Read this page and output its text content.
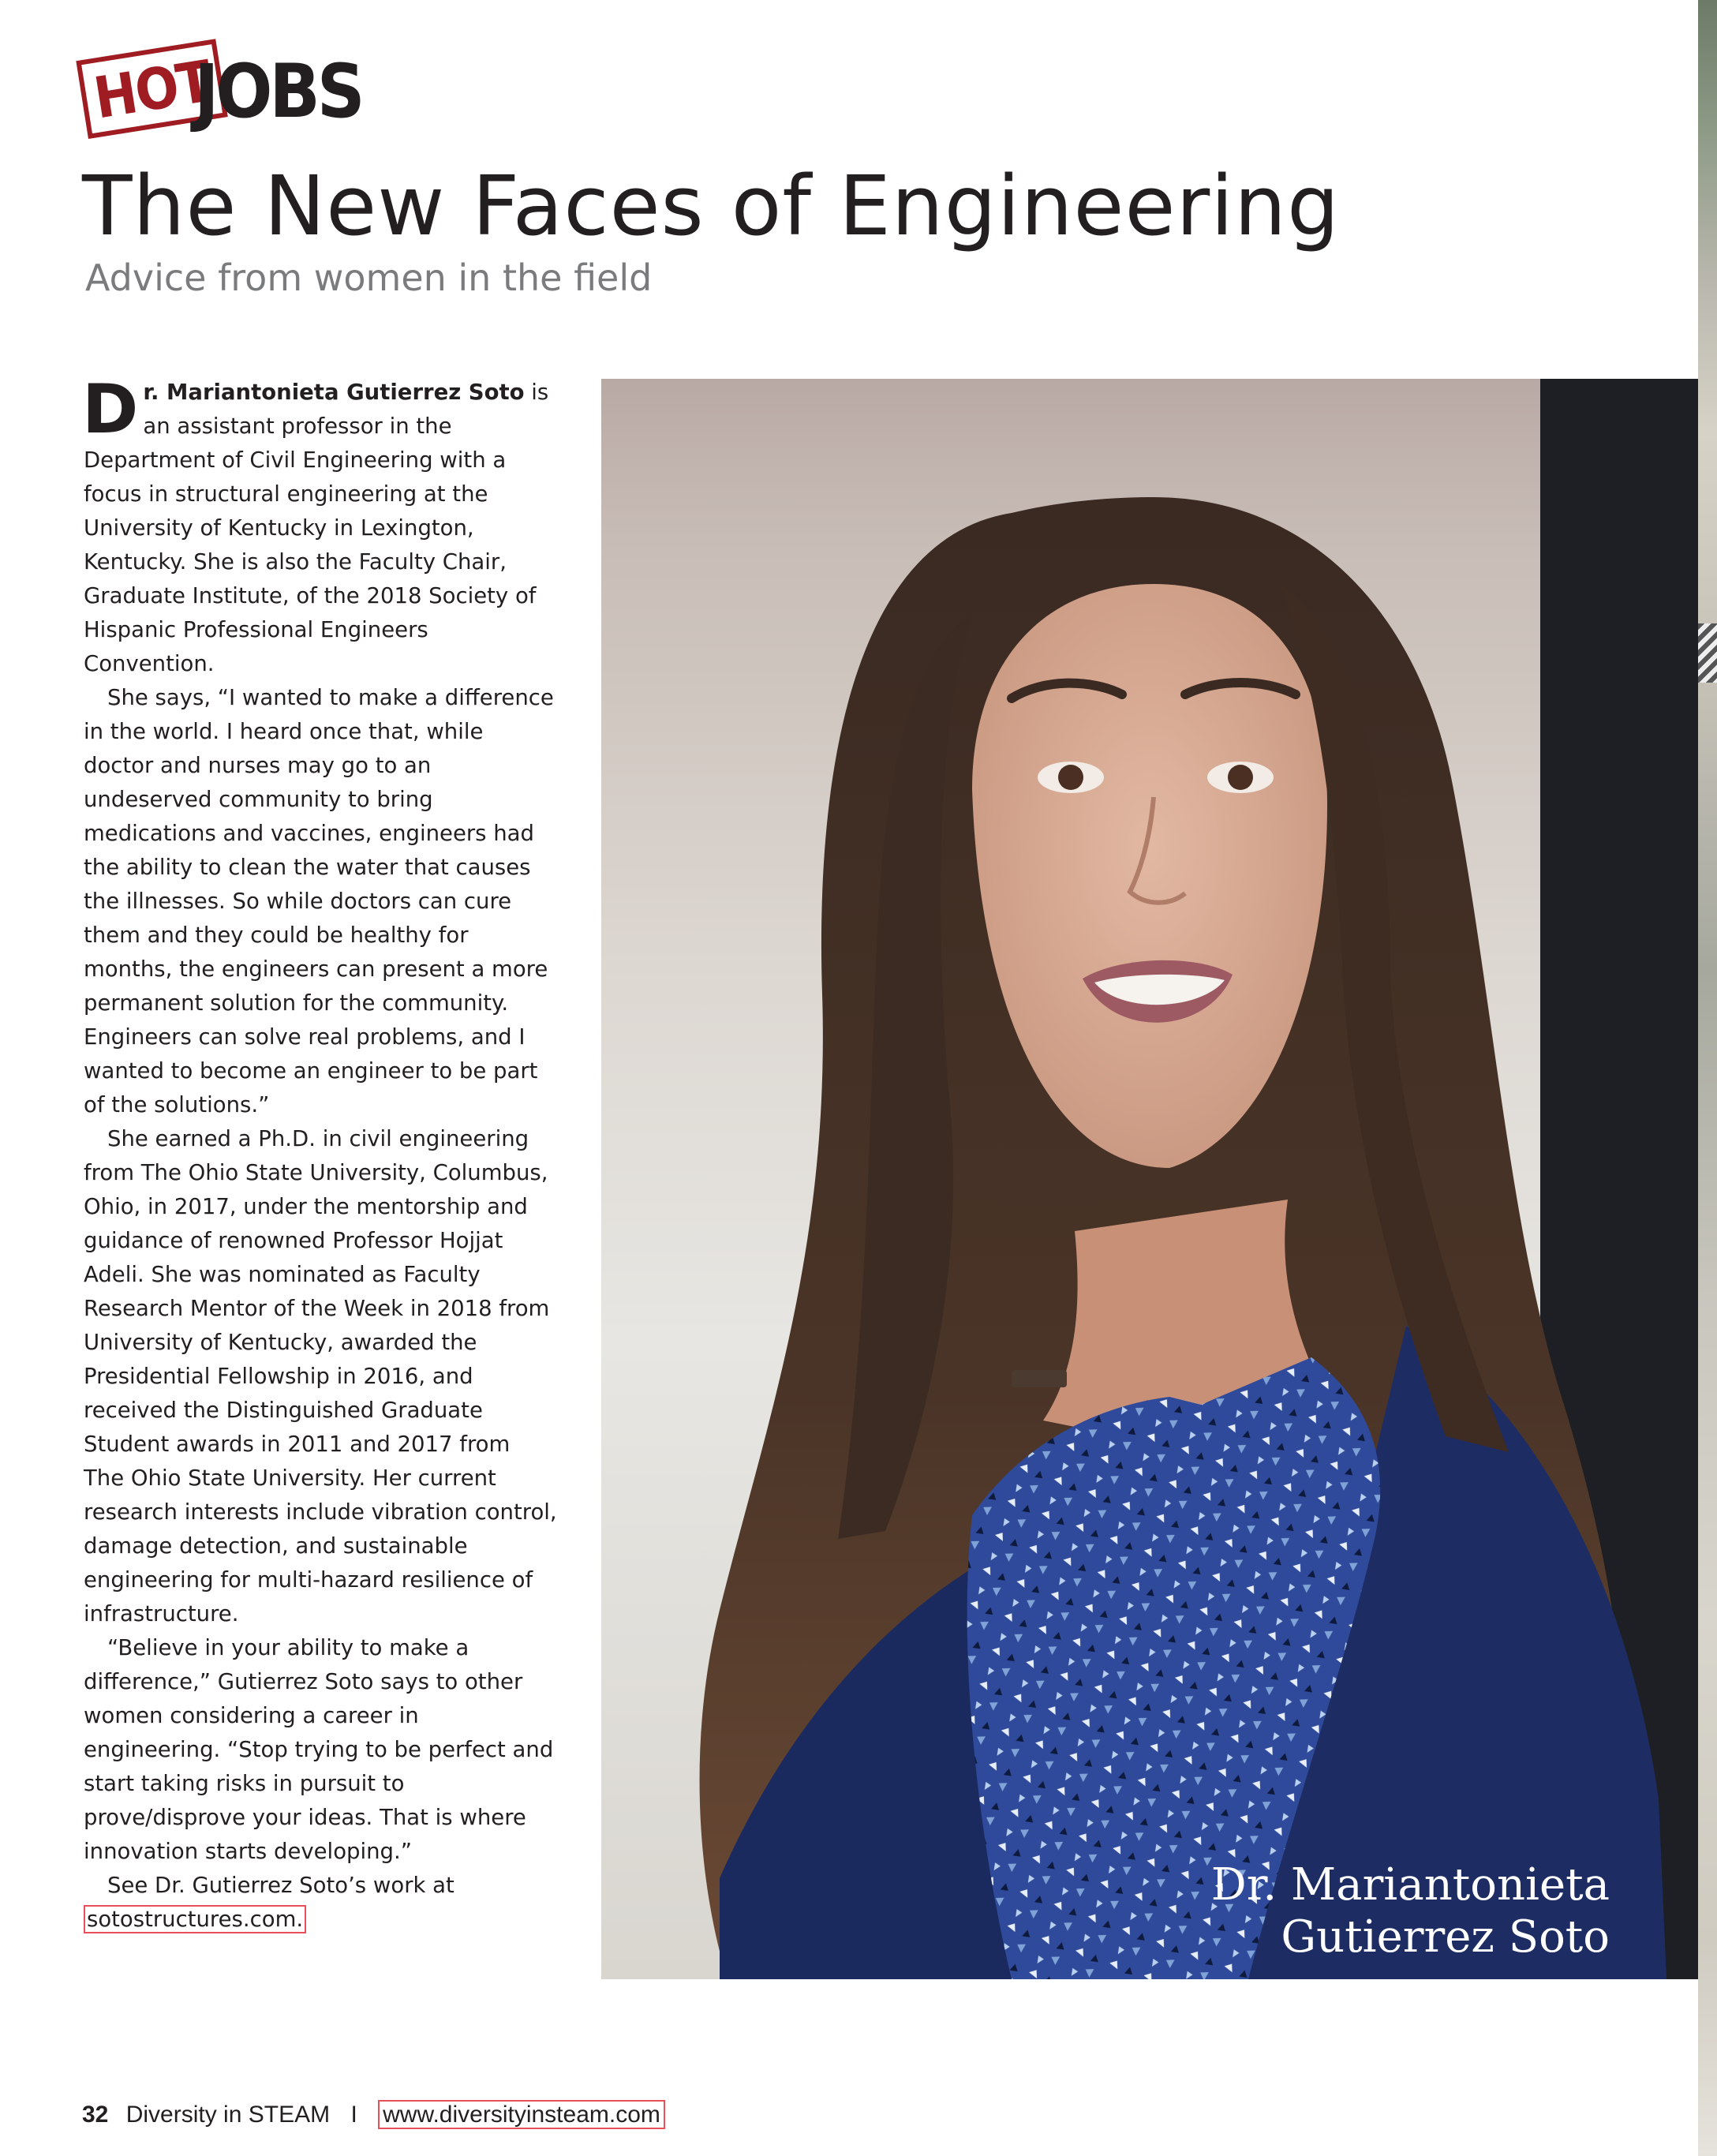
HOT
JOBS
The New Faces of Engineering
Advice from women in the field

Dr. Mariantonieta Gutierrez Soto is an assistant professor in the Department of Civil Engineering with a focus in structural engineering at the University of Kentucky in Lexington, Kentucky. She is also the Faculty Chair, Graduate Institute, of the 2018 Society of Hispanic Professional Engineers Convention.

She says, “I wanted to make a difference in the world. I heard once that, while doctor and nurses may go to an undeserved community to bring medications and vaccines, engineers had the ability to clean the water that causes the illnesses. So while doctors can cure them and they could be healthy for months, the engineers can present a more permanent solution for the community. Engineers can solve real problems, and I wanted to become an engineer to be part of the solutions.”

She earned a Ph.D. in civil engineering from The Ohio State University, Columbus, Ohio, in 2017, under the mentorship and guidance of renowned Professor Hojjat Adeli. She was nominated as Faculty Research Mentor of the Week in 2018 from University of Kentucky, awarded the Presidential Fellowship in 2016, and received the Distinguished Graduate Student awards in 2011 and 2017 from The Ohio State University. Her current research interests include vibration control, damage detection, and sustainable engineering for multi-hazard resilience of infrastructure.

“Believe in your ability to make a difference,” Gutierrez Soto says to other women considering a career in engineering. “Stop trying to be perfect and start taking risks in pursuit to prove/disprove your ideas. That is where innovation starts developing.”

See Dr. Gutierrez Soto’s work at
sotostructures.com.

Dr. Mariantonieta
Gutierrez Soto
32 Diversity in STEAM I www.diversityinsteam.com
